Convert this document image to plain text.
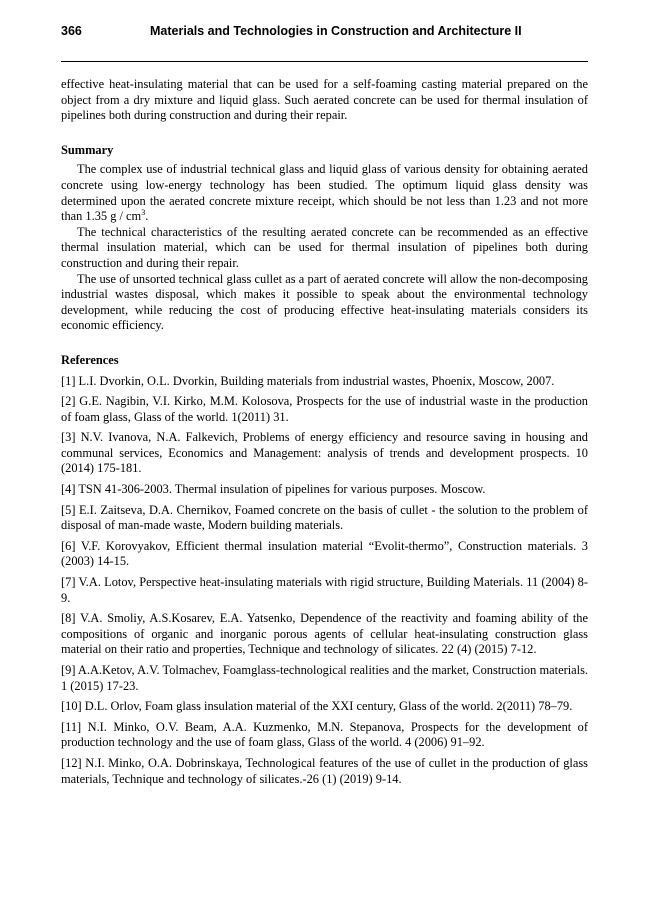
366	Materials and Technologies in Construction and Architecture II

effective heat-insulating material that can be used for a self-foaming casting material prepared on the object from a dry mixture and liquid glass. Such aerated concrete can be used for thermal insulation of pipelines both during construction and during their repair.

Summary

The complex use of industrial technical glass and liquid glass of various density for obtaining aerated concrete using low-energy technology has been studied. The optimum liquid glass density was determined upon the aerated concrete mixture receipt, which should be not less than 1.23 and not more than 1.35 g / $cm^3$.

The technical characteristics of the resulting aerated concrete can be recommended as an effective thermal insulation material, which can be used for thermal insulation of pipelines both during construction and during their repair.

The use of unsorted technical glass cullet as a part of aerated concrete will allow the non-decomposing industrial wastes disposal, which makes it possible to speak about the environmental technology development, while reducing the cost of producing effective heat-insulating materials considers its economic efficiency.

References

[1] L.I. Dvorkin, O.L. Dvorkin, Building materials from industrial wastes, Phoenix, Moscow, 2007.

[2] G.E. Nagibin, V.I. Kirko, M.M. Kolosova, Prospects for the use of industrial waste in the production of foam glass, Glass of the world. 1(2011) 31.

[3] N.V. Ivanova, N.A. Falkevich, Problems of energy efficiency and resource saving in housing and communal services, Economics and Management: analysis of trends and development prospects. 10 (2014) 175-181.

[4] TSN 41-306-2003. Thermal insulation of pipelines for various purposes. Moscow.

[5] E.I. Zaitseva, D.A. Chernikov, Foamed concrete on the basis of cullet - the solution to the problem of disposal of man-made waste, Modern building materials.

[6] V.F. Korovyakov, Efficient thermal insulation material “Evolit-thermo”, Construction materials. 3 (2003) 14-15.

[7] V.A. Lotov, Perspective heat-insulating materials with rigid structure, Building Materials. 11 (2004) 8-9.

[8] V.A. Smoliy, A.S.Kosarev, E.A. Yatsenko, Dependence of the reactivity and foaming ability of the compositions of organic and inorganic porous agents of cellular heat-insulating construction glass material on their ratio and properties, Technique and technology of silicates. 22 (4) (2015) 7-12.

[9] A.A.Ketov, A.V. Tolmachev, Foamglass-technological realities and the market, Construction materials. 1 (2015) 17-23.

[10] D.L. Orlov, Foam glass insulation material of the XXI century, Glass of the world. 2(2011) 78–79.

[11] N.I. Minko, O.V. Beam, A.A. Kuzmenko, M.N. Stepanova, Prospects for the development of production technology and the use of foam glass, Glass of the world. 4 (2006) 91–92.

[12] N.I. Minko, O.A. Dobrinskaya, Technological features of the use of cullet in the production of glass materials, Technique and technology of silicates.-26 (1) (2019) 9-14.
